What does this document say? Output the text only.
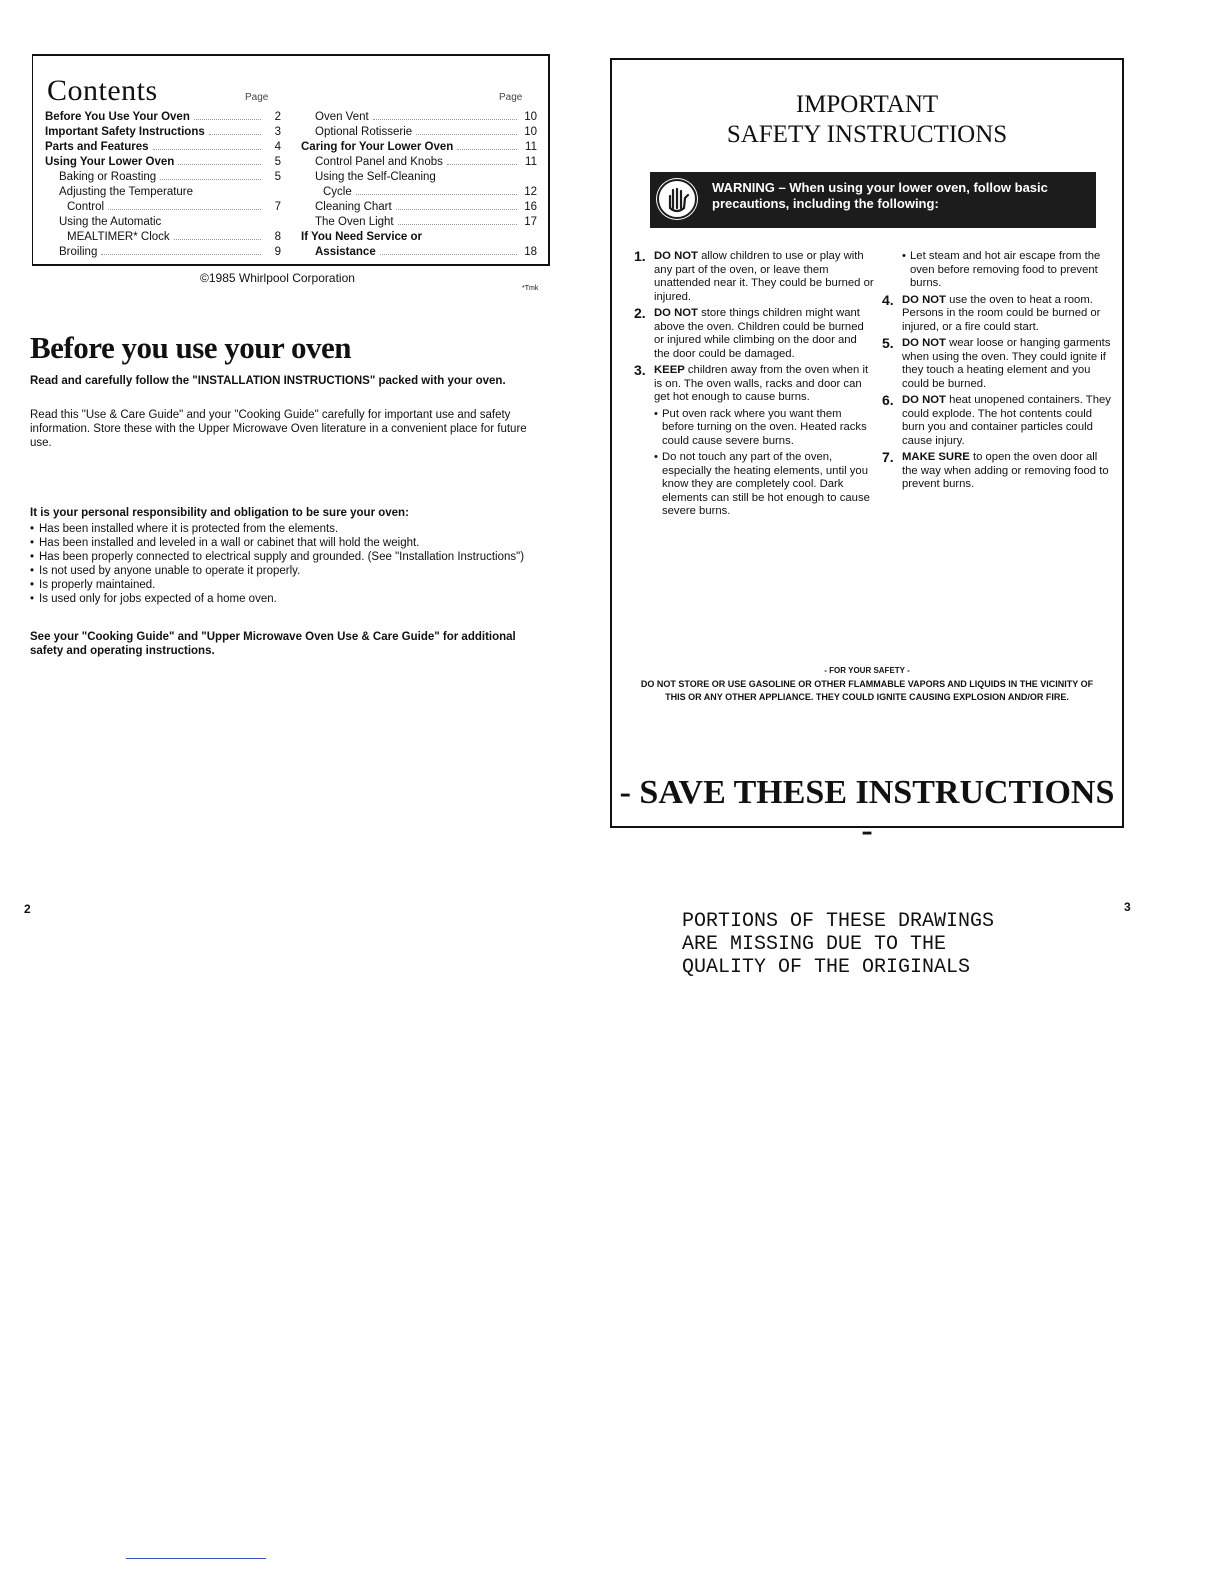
Contents	Page	Page
Before You Use Your Oven	2
Important Safety Instructions	3
Parts and Features	4
Using Your Lower Oven	5
Baking or Roasting	5
Adjusting the Temperature
Control	7
Using the Automatic
MEALTIMER* Clock	8
Broiling	9
Oven Vent	10
Optional Rotisserie	10
Caring for Your Lower Oven	11
Control Panel and Knobs	11
Using the Self-Cleaning
Cycle	12
Cleaning Chart	16
The Oven Light	17
If You Need Service or
Assistance	18
©1985 Whirlpool Corporation
*Tmk
Before you use your oven
Read and carefully follow the "INSTALLATION INSTRUCTIONS" packed with your oven.
Read this "Use & Care Guide" and your "Cooking Guide" carefully for important use and safety information. Store these with the Upper Microwave Oven literature in a convenient place for future use.
It is your personal responsibility and obligation to be sure your oven:
• Has been installed where it is protected from the elements.
• Has been installed and leveled in a wall or cabinet that will hold the weight.
• Has been properly connected to electrical supply and grounded. (See "Installation Instructions")
• Is not used by anyone unable to operate it properly.
• Is properly maintained.
• Is used only for jobs expected of a home oven.
See your "Cooking Guide" and "Upper Microwave Oven Use & Care Guide" for additional safety and operating instructions.
IMPORTANT
SAFETY INSTRUCTIONS
WARNING – When using your lower oven, follow basic precautions, including the following:
1. DO NOT allow children to use or play with any part of the oven, or leave them unattended near it. They could be burned or injured.
2. DO NOT store things children might want above the oven. Children could be burned or injured while climbing on the door and the door could be damaged.
3. KEEP children away from the oven when it is on. The oven walls, racks and door can get hot enough to cause burns.
• Put oven rack where you want them before turning on the oven. Heated racks could cause severe burns.
• Do not touch any part of the oven, especially the heating elements, until you know they are completely cool. Dark elements can still be hot enough to cause severe burns.
• Let steam and hot air escape from the oven before removing food to prevent burns.
4. DO NOT use the oven to heat a room. Persons in the room could be burned or injured, or a fire could start.
5. DO NOT wear loose or hanging garments when using the oven. They could ignite if they touch a heating element and you could be burned.
6. DO NOT heat unopened containers. They could explode. The hot contents could burn you and container particles could cause injury.
7. MAKE SURE to open the oven door all the way when adding or removing food to prevent burns.
- FOR YOUR SAFETY -
DO NOT STORE OR USE GASOLINE OR OTHER FLAMMABLE VAPORS AND LIQUIDS IN THE VICINITY OF THIS OR ANY OTHER APPLIANCE. THEY COULD IGNITE CAUSING EXPLOSION AND/OR FIRE.
- SAVE THESE INSTRUCTIONS -
2	3
PORTIONS OF THESE DRAWINGS
ARE MISSING DUE TO THE
QUALITY OF THE ORIGINALS
